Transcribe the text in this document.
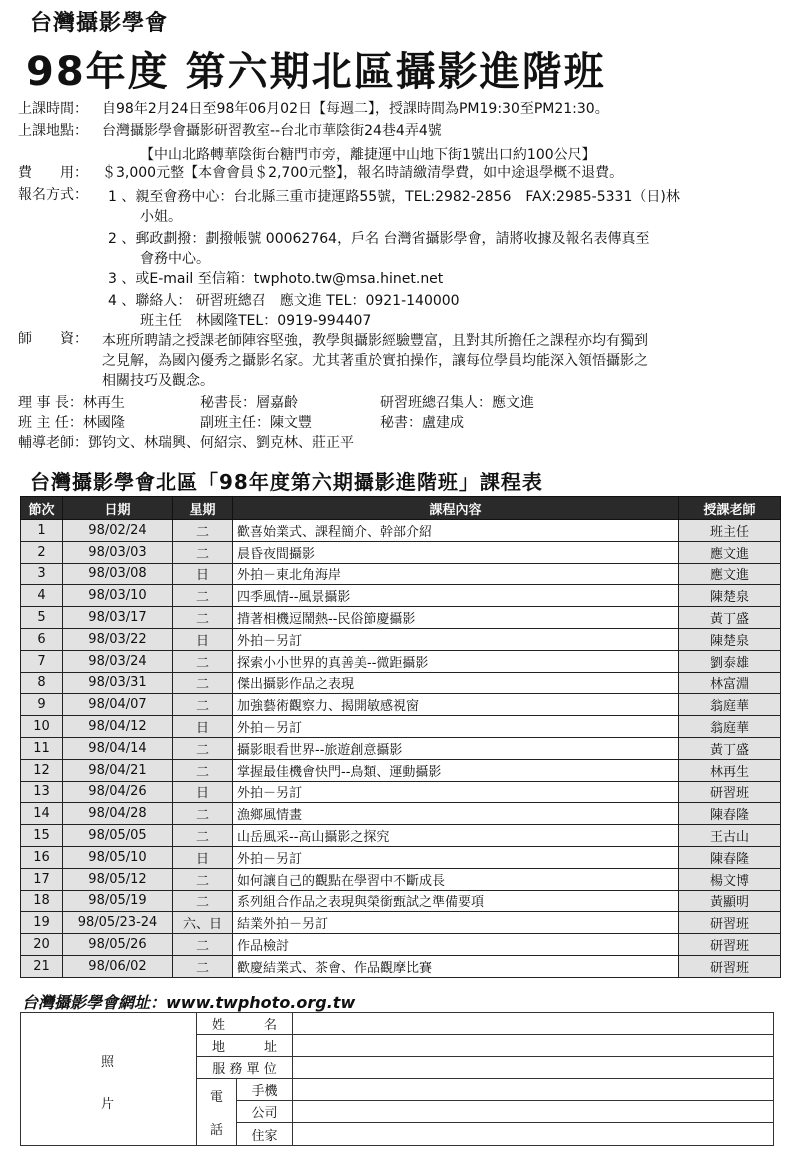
台灣攝影學會
98年度 第六期北區攝影進階班
上課時間： 自98年2月24日至98年06月02日【每週二】，授課時間為PM19:30至PM21:30。
上課地點： 台灣攝影學會攝影研習教室--台北市華陰街24巷4弄4號
【中山北路轉華陰街台糖門市旁，離捷運中山地下街1號出口約100公尺】
費　　用： ＄3,000元整【本會會員＄2,700元整】，報名時請繳清學費，如中途退學概不退費。
報名方式： 1 、親至會務中心：台北縣三重市捷運路55號，TEL:2982-2856　FAX:2985-5331（日)林
小姐。
2 、郵政劃撥：劃撥帳號 00062764，戶名 台灣省攝影學會，請將收據及報名表傳真至
會務中心。
3 、或E-mail 至信箱：twphoto.tw@msa.hinet.net
4 、聯絡人： 研習班總召　應文進 TEL：0921-140000
班主任　林國隆TEL：0919-994407
師　　資： 本班所聘請之授課老師陣容堅強，教學與攝影經驗豐富，且對其所擔任之課程亦均有獨到
之見解，為國內優秀之攝影名家。尤其著重於實拍操作，讓每位學員均能深入領悟攝影之
相關技巧及觀念。
理 事 長：林再生	秘書長：層嘉齡	研習班總召集人：應文進
班 主 任：林國隆	副班主任：陳文豐	秘書：盧建成
輔導老師：鄧钧文、林瑞興、何紹宗、劉克林、莊正平
台灣攝影學會北區「98年度第六期攝影進階班」課程表
節次	日期	星期	課程內容	授課老師
1	98/02/24	二	歡喜始業式、課程簡介、幹部介紹	班主任
2	98/03/03	二	晨昏夜間攝影	應文進
3	98/03/08	日	外拍－東北角海岸	應文進
4	98/03/10	二	四季風情--風景攝影	陳楚泉
5	98/03/17	二	揹著相機逗鬧熱--民俗節慶攝影	黃丁盛
6	98/03/22	日	外拍－另訂	陳楚泉
7	98/03/24	二	探索小小世界的真善美--微距攝影	劉泰雄
8	98/03/31	二	傑出攝影作品之表現	林富淵
9	98/04/07	二	加強藝術觀察力、揭開敏感視窗	翁庭華
10	98/04/12	日	外拍－另訂	翁庭華
11	98/04/14	二	攝影眼看世界--旅遊創意攝影	黃丁盛
12	98/04/21	二	掌握最佳機會快門--鳥類、運動攝影	林再生
13	98/04/26	日	外拍－另訂	研習班
14	98/04/28	二	漁鄉風情畫	陳春隆
15	98/05/05	二	山岳風采--高山攝影之探究	王古山
16	98/05/10	日	外拍－另訂	陳春隆
17	98/05/12	二	如何讓自己的觀點在學習中不斷成長	楊文博
18	98/05/19	二	系列組合作品之表現與榮銜甄試之準備要項	黃顯明
19	98/05/23-24	六、日	結業外拍－另訂	研習班
20	98/05/26	二	作品檢討	研習班
21	98/06/02	二	歡慶結業式、茶會、作品觀摩比賽	研習班
台灣攝影學會網址：www.twphoto.org.tw
照
片
姓　　　名
地　　　址
服 務 單 位
電
話
手機
公司
住家
